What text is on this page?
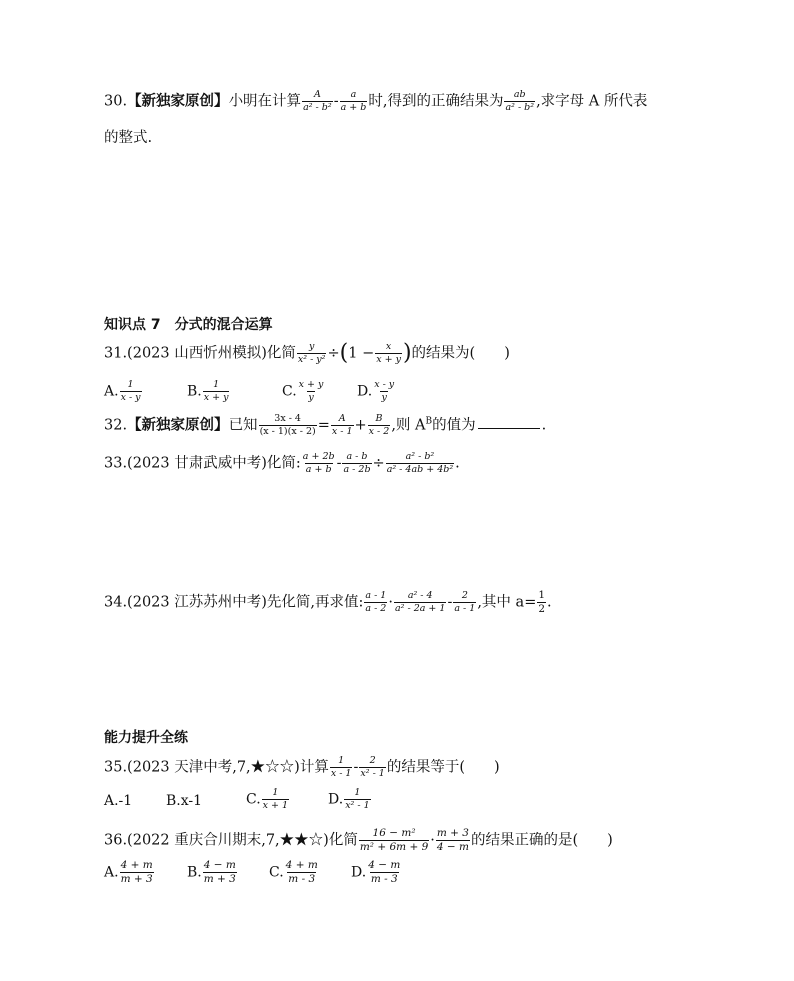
30.【新独家原创】小明在计算 $\frac{A}{\text{a² - b²}} - \frac{a}{a + b}$ 时,得到的正确结果为 $\frac{ab}{\text{a² - b²}}$ ,求字母 A 所代表
的整式.
知识点 7　分式的混合运算
31.(2023 山西忻州模拟)化简 $\frac{y}{\text{x² - y²}} \div(1 - \frac{x}{x + y}$ )的结果为(　　)
A. $\frac{1}{x - y}$	B. $\frac{1}{x + y}$	C. $\frac{x + y}{y} D$. $\frac{x - y}{y}$
32.【新独家原创】已知 $\frac{3x - 4}{(x - 1)(x - 2)} = \frac{A}{x - 1} + \frac{B}{x - 2}$ ,则 $A^B$的值为	.
33.(2023 甘肃武威中考)化简: $\frac{a + 2b}{a + b} - \frac{a - b}{a - 2b} \div \frac{\text{a² - b²}}{\text{a² - 4ab + 4b²}}$ .
34.(2023 江苏苏州中考)先化简,再求值: $\frac{a - 1}{a - 2} \cdot \frac{\text{a² - 4}}{\text{a² - 2a + 1}} - \frac{2}{a - 1}$ ,其中 $a= \frac{1}{2}$ .
能力提升全练
35.(2023 天津中考,7,★☆☆)计算 $\frac{1}{x - 1} - \frac{2}{\text{x² - 1}}$ 的结果等于(　　)
A.-1 B.x-1	C. $\frac{1}{x + 1}$	D. $\frac{1}{\text{x² - 1}}$
36.(2022 重庆合川期末,7,★★☆)化简 $\frac{\text{16 − m²}}{\text{m² + 6m + 9}} \cdot \frac{m + 3}{4 - m}$ 的结果正确的是(　　)
A. $\frac{4 + m}{m + 3} B$. $\frac{4 - m}{m + 3} C$. $\frac{4 + m}{m - 3} D$. $\frac{4 - m}{m - 3}$
